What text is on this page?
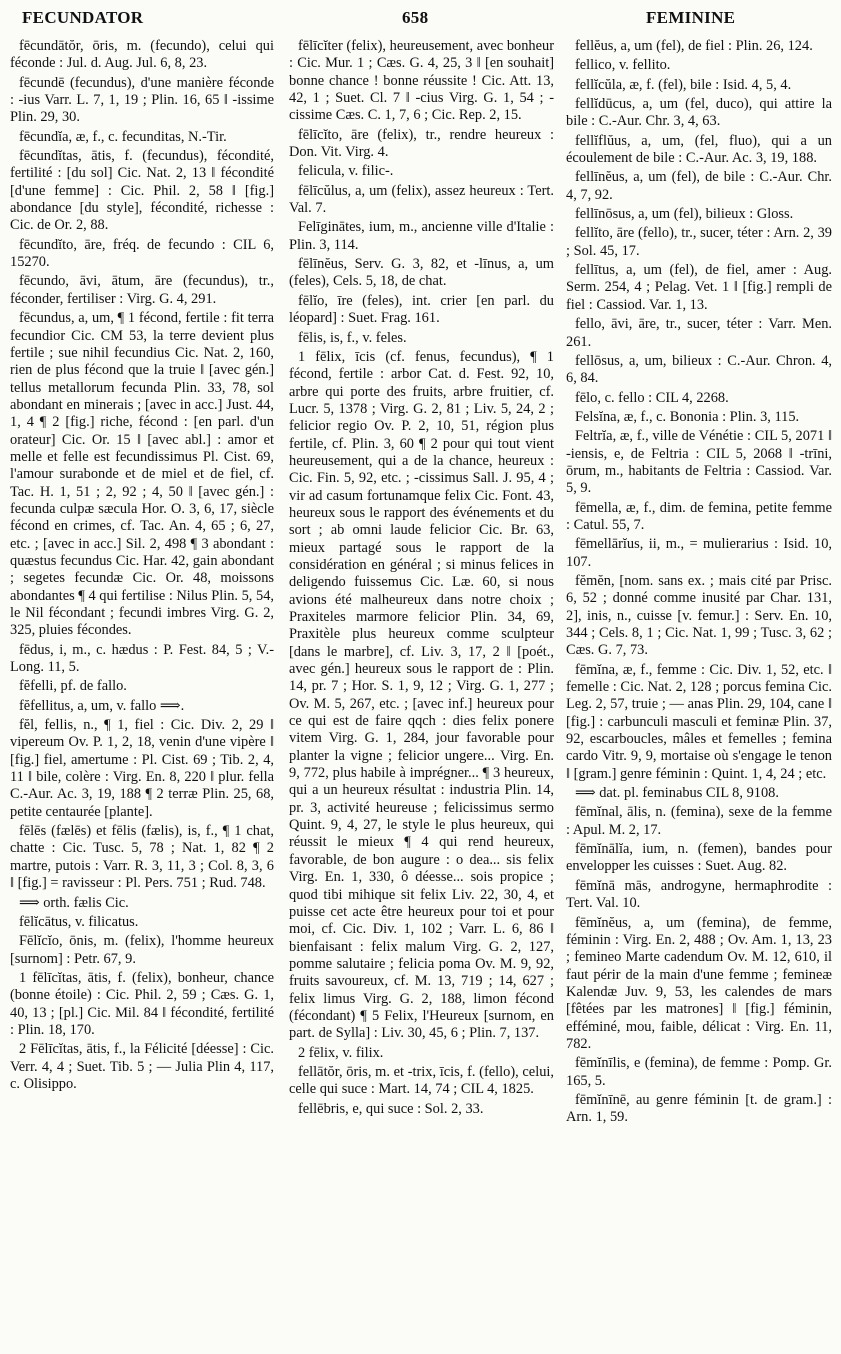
FECUNDATOR	658	FEMININE

fēcundātŏr, ōris, m. (fecundo), celui qui féconde : Jul. d. Aug. Jul. 6, 8, 23.

fēcundē (fecundus), d'une manière féconde : -ius Varr. L. 7, 1, 19 ; Plin. 16, 65 ‖ -issime Plin. 29, 30.

fēcundĭa, æ, f., c. fecunditas, N.-Tir.

fēcundĭtas, ātis, f. (fecundus), fécondité, fertilité : [du sol] Cic. Nat. 2, 13 ‖ fécondité [d'une femme] : Cic. Phil. 2, 58 ‖ [fig.] abondance [du style], fécondité, richesse : Cic. de Or. 2, 88.

fēcundĭto, āre, fréq. de fecundo : CIL 6, 15270.

fēcundo, āvi, ātum, āre (fecundus), tr., féconder, fertiliser : Virg. G. 4, 291.

fēcundus, a, um, ¶ 1 fécond, fertile : fit terra fecundior Cic. CM 53, la terre devient plus fertile ; sue nihil fecundius Cic. Nat. 2, 160, rien de plus fécond que la truie ‖ [avec gén.] tellus metallorum fecunda Plin. 33, 78, sol abondant en minerais ; [avec in acc.] Just. 44, 1, 4 ¶ 2 [fig.] riche, fécond : [en parl. d'un orateur] Cic. Or. 15 ‖ [avec abl.] : amor et melle et felle est fecundissimus Pl. Cist. 69, l'amour surabonde et de miel et de fiel, cf. Tac. H. 1, 51 ; 2, 92 ; 4, 50 ‖ [avec gén.] : fecunda culpæ sæcula Hor. O. 3, 6, 17, siècle fécond en crimes, cf. Tac. An. 4, 65 ; 6, 27, etc. ; [avec in acc.] Sil. 2, 498 ¶ 3 abondant : quæstus fecundus Cic. Har. 42, gain abondant ; segetes fecundæ Cic. Or. 48, moissons abondantes ¶ 4 qui fertilise : Nilus Plin. 5, 54, le Nil fécondant ; fecundi imbres Virg. G. 2, 325, pluies fécondes.

fēdus, i, m., c. hædus : P. Fest. 84, 5 ; V.-Long. 11, 5.

fĕfelli, pf. de fallo.

fĕfellitus, a, um, v. fallo ⟹.

fĕl, fellis, n., ¶ 1, fiel : Cic. Div. 2, 29 ‖ vipereum Ov. P. 1, 2, 18, venin d'une vipère ‖ [fig.] fiel, amertume : Pl. Cist. 69 ; Tib. 2, 4, 11 ‖ bile, colère : Virg. En. 8, 220 ‖ plur. fella C.-Aur. Ac. 3, 19, 188 ¶ 2 terræ Plin. 25, 68, petite centaurée [plante].

fēlēs (fælēs) et fēlis (fælis), is, f., ¶ 1 chat, chatte : Cic. Tusc. 5, 78 ; Nat. 1, 82 ¶ 2 martre, putois : Varr. R. 3, 11, 3 ; Col. 8, 3, 6 ‖ [fig.] = ravisseur : Pl. Pers. 751 ; Rud. 748.

⟹ orth. fælis Cic.

fēlĭcātus, v. filicatus.

Fēlĭcĭo, ōnis, m. (felix), l'homme heureux [surnom] : Petr. 67, 9.

1 fēlīcĭtas, ātis, f. (felix), bonheur, chance (bonne étoile) : Cic. Phil. 2, 59 ; Cæs. G. 1, 40, 13 ; [pl.] Cic. Mil. 84 ‖ fécondité, fertilité : Plin. 18, 170.

2 Fēlīcĭtas, ātis, f., la Félicité [déesse] : Cic. Verr. 4, 4 ; Suet. Tib. 5 ; — Julia Plin 4, 117, c. Olisippo.

fēlīcĭter (felix), heureusement, avec bonheur : Cic. Mur. 1 ; Cæs. G. 4, 25, 3 ‖ [en souhait] bonne chance ! bonne réussite ! Cic. Att. 13, 42, 1 ; Suet. Cl. 7 ‖ -cius Virg. G. 1, 54 ; -cissime Cæs. C. 1, 7, 6 ; Cic. Rep. 2, 15.

fēlīcĭto, āre (felix), tr., rendre heureux : Don. Vit. Virg. 4.

felicula, v. filic-.

fēlīcŭlus, a, um (felix), assez heureux : Tert. Val. 7.

Felīginātes, ium, m., ancienne ville d'Italie : Plin. 3, 114.

fēlīnĕus, Serv. G. 3, 82, et -līnus, a, um (feles), Cels. 5, 18, de chat.

fēlĭo, īre (feles), int. crier [en parl. du léopard] : Suet. Frag. 161.

fēlis, is, f., v. feles.

1 fēlix, īcis (cf. fenus, fecundus), ¶ 1 fécond, fertile : arbor Cat. d. Fest. 92, 10, arbre qui porte des fruits, arbre fruitier, cf. Lucr. 5, 1378 ; Virg. G. 2, 81 ; Liv. 5, 24, 2 ; felicior regio Ov. P. 2, 10, 51, région plus fertile, cf. Plin. 3, 60 ¶ 2 pour qui tout vient heureusement, qui a de la chance, heureux : Cic. Fin. 5, 92, etc. ; -cissimus Sall. J. 95, 4 ; vir ad casum fortunamque felix Cic. Font. 43, heureux sous le rapport des événements et du sort ; ab omni laude felicior Cic. Br. 63, mieux partagé sous le rapport de la considération en général ; si minus felices in deligendo fuissemus Cic. Læ. 60, si nous avions été malheureux dans notre choix ; Praxiteles marmore felicior Plin. 34, 69, Praxitèle plus heureux comme sculpteur [dans le marbre], cf. Liv. 3, 17, 2 ‖ [poét., avec gén.] heureux sous le rapport de : Plin. 14, pr. 7 ; Hor. S. 1, 9, 12 ; Virg. G. 1, 277 ; Ov. M. 5, 267, etc. ; [avec inf.] heureux pour ce qui est de faire qqch : dies felix ponere vitem Virg. G. 1, 284, jour favorable pour planter la vigne ; felicior ungere... Virg. En. 9, 772, plus habile à imprégner... ¶ 3 heureux, qui a un heureux résultat : industria Plin. 14, pr. 3, activité heureuse ; felicissimus sermo Quint. 9, 4, 27, le style le plus heureux, qui réussit le mieux ¶ 4 qui rend heureux, favorable, de bon augure : o dea... sis felix Virg. En. 1, 330, ô déesse... sois propice ; quod tibi mihique sit felix Liv. 22, 30, 4, et puisse cet acte être heureux pour toi et pour moi, cf. Cic. Div. 1, 102 ; Varr. L. 6, 86 ‖ bienfaisant : felix malum Virg. G. 2, 127, pomme salutaire ; felicia poma Ov. M. 9, 92, fruits savoureux, cf. M. 13, 719 ; 14, 627 ; felix limus Virg. G. 2, 188, limon fécond (fécondant) ¶ 5 Felix, l'Heureux [surnom, en part. de Sylla] : Liv. 30, 45, 6 ; Plin. 7, 137.

2 fēlix, v. filix.

fellātŏr, ōris, m. et -trix, īcis, f. (fello), celui, celle qui suce : Mart. 14, 74 ; CIL 4, 1825.

fellēbris, e, qui suce : Sol. 2, 33.

fellĕus, a, um (fel), de fiel : Plin. 26, 124.

fellico, v. fellito.

fellĭcŭla, æ, f. (fel), bile : Isid. 4, 5, 4.

fellĭdūcus, a, um (fel, duco), qui attire la bile : C.-Aur. Chr. 3, 4, 63.

fellĭflŭus, a, um, (fel, fluo), qui a un écoulement de bile : C.-Aur. Ac. 3, 19, 188.

fellīnĕus, a, um (fel), de bile : C.-Aur. Chr. 4, 7, 92.

fellīnōsus, a, um (fel), bilieux : Gloss.

fellĭto, āre (fello), tr., sucer, téter : Arn. 2, 39 ; Sol. 45, 17.

fellītus, a, um (fel), de fiel, amer : Aug. Serm. 254, 4 ; Pelag. Vet. 1 ‖ [fig.] rempli de fiel : Cassiod. Var. 1, 13.

fello, āvi, āre, tr., sucer, téter : Varr. Men. 261.

fellōsus, a, um, bilieux : C.-Aur. Chron. 4, 6, 84.

fēlo, c. fello : CIL 4, 2268.

Felsĭna, æ, f., c. Bononia : Plin. 3, 115.

Feltrĭa, æ, f., ville de Vénétie : CIL 5, 2071 ‖ -iensis, e, de Feltria : CIL 5, 2068 ‖ -trīni, ōrum, m., habitants de Feltria : Cassiod. Var. 5, 9.

fēmella, æ, f., dim. de femina, petite femme : Catul. 55, 7.

fēmellārĭus, ii, m., = mulierarius : Isid. 10, 107.

fĕmĕn, [nom. sans ex. ; mais cité par Prisc. 6, 52 ; donné comme inusité par Char. 131, 2], inis, n., cuisse [v. femur.] : Serv. En. 10, 344 ; Cels. 8, 1 ; Cic. Nat. 1, 99 ; Tusc. 3, 62 ; Cæs. G. 7, 73.

fēmĭna, æ, f., femme : Cic. Div. 1, 52, etc. ‖ femelle : Cic. Nat. 2, 128 ; porcus femina Cic. Leg. 2, 57, truie ; — anas Plin. 29, 104, cane ‖ [fig.] : carbunculi masculi et feminæ Plin. 37, 92, escarboucles, mâles et femelles ; femina cardo Vitr. 9, 9, mortaise où s'engage le tenon ‖ [gram.] genre féminin : Quint. 1, 4, 24 ; etc.

⟹ dat. pl. feminabus CIL 8, 9108.

fēmĭnal, ālis, n. (femina), sexe de la femme : Apul. M. 2, 17.

fēmĭnālĭa, ium, n. (femen), bandes pour envelopper les cuisses : Suet. Aug. 82.

fēmĭnā mās, androgyne, hermaphrodite : Tert. Val. 10.

fēmĭnĕus, a, um (femina), de femme, féminin : Virg. En. 2, 488 ; Ov. Am. 1, 13, 23 ; femineo Marte cadendum Ov. M. 12, 610, il faut périr de la main d'une femme ; femineæ Kalendæ Juv. 9, 53, les calendes de mars [fêtées par les matrones] ‖ [fig.] féminin, efféminé, mou, faible, délicat : Virg. En. 11, 782.

fēmĭnīlis, e (femina), de femme : Pomp. Gr. 165, 5.

fēmĭnīnē, au genre féminin [t. de gram.] : Arn. 1, 59.
